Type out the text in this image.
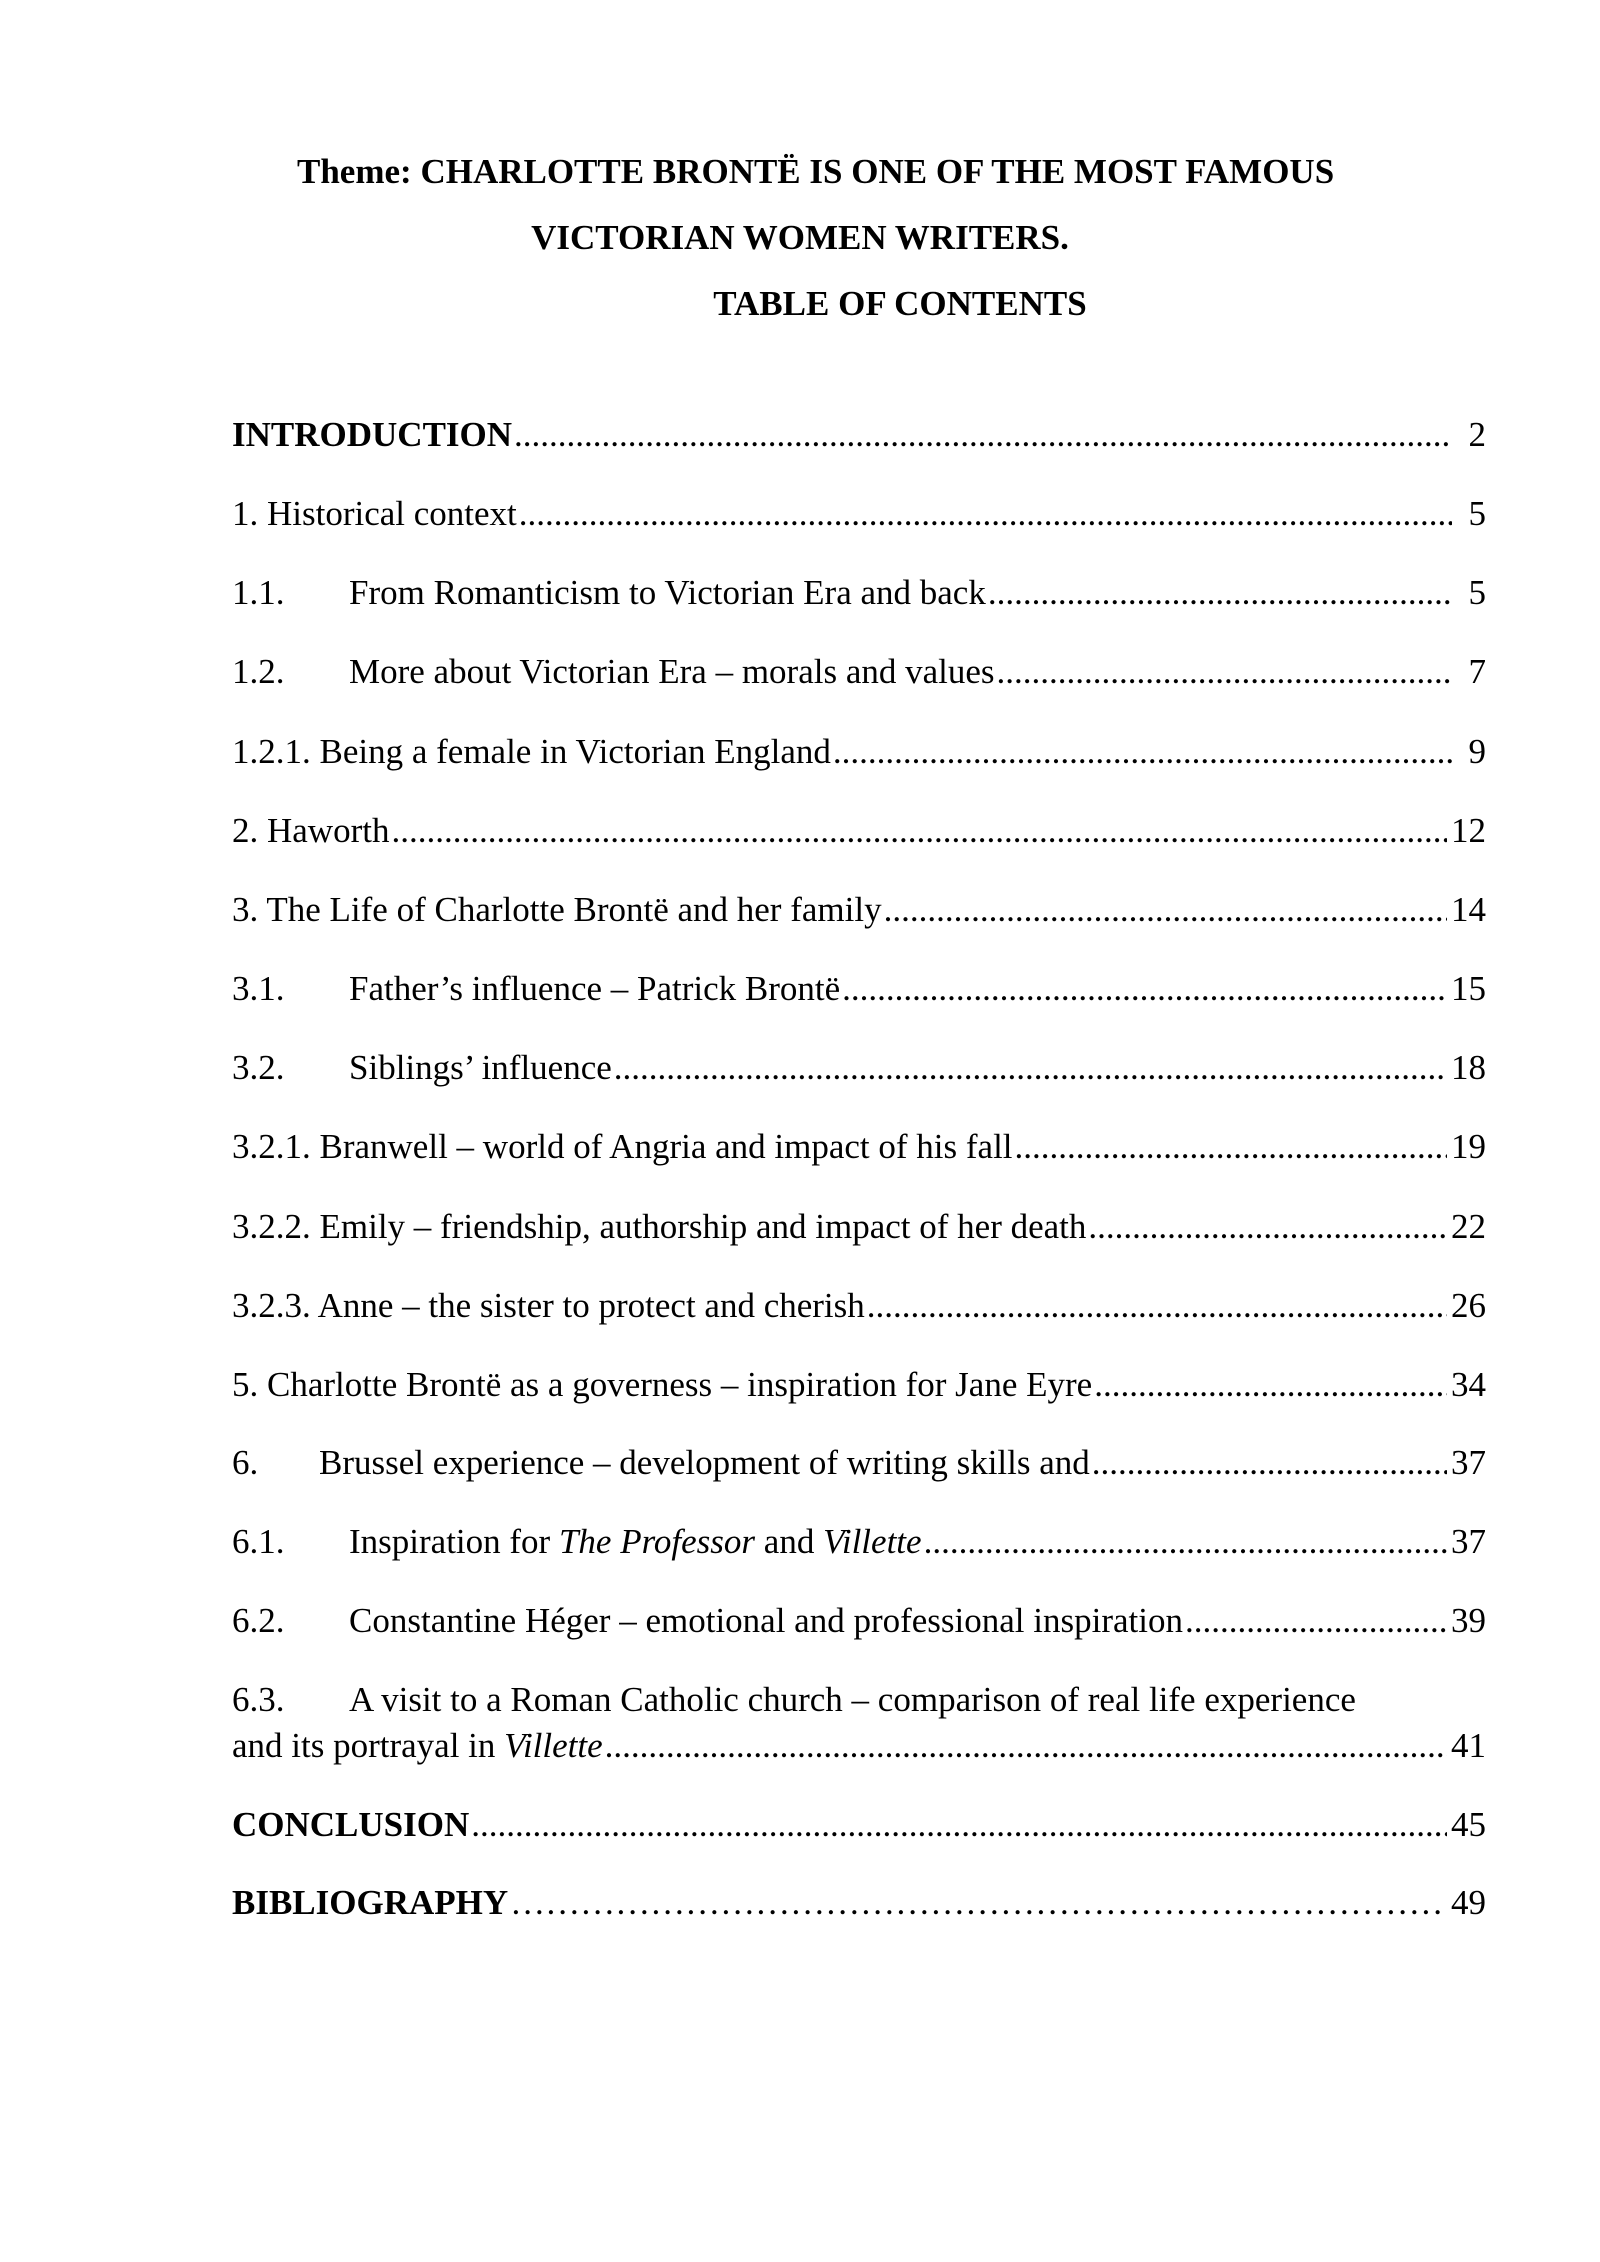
Theme: CHARLOTTE BRONTË IS ONE OF THE MOST FAMOUS
VICTORIAN WOMEN WRITERS.
TABLE OF CONTENTS
INTRODUCTION .....	2
1. Historical context .....	5
1.1.	From Romanticism to Victorian Era and back .....	5
1.2.	More about Victorian Era – morals and values .....	7
1.2.1. Being a female in Victorian England .....	9
2. Haworth .....	12
3. The Life of Charlotte Brontë and her family .....	14
3.1.	Father’s influence – Patrick Brontë .....	15
3.2.	Siblings’ influence .....	18
3.2.1. Branwell – world of Angria and impact of his fall .....	19
3.2.2. Emily – friendship, authorship and impact of her death .....	22
3.2.3. Anne – the sister to protect and cherish .....	26
5. Charlotte Brontë as a governess – inspiration for Jane Eyre .....	34
6.	Brussel experience – development of writing skills and .....	37
6.1.	Inspiration for The Professor and Villette .....	37
6.2.	Constantine Héger – emotional and professional inspiration .....	39
6.3.	A visit to a Roman Catholic church – comparison of real life experience
and its portrayal in Villette .....	41
CONCLUSION .....	45
BIBLIOGRAPHY ………………………………………………………………………………………………………………………………………………………………………………	49
